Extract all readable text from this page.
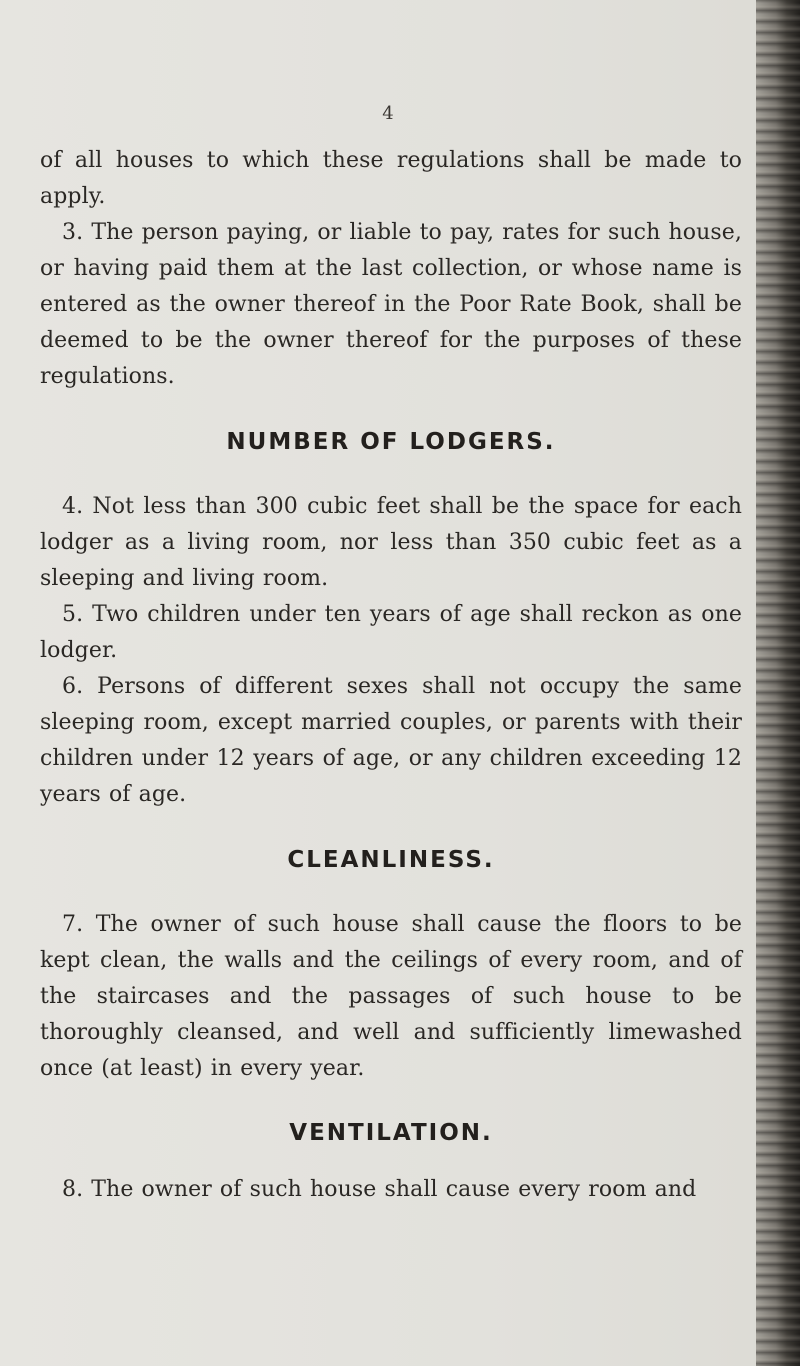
4

of all houses to which these regulations shall be made to apply.

3. The person paying, or liable to pay, rates for such house, or having paid them at the last collection, or whose name is entered as the owner thereof in the Poor Rate Book, shall be deemed to be the owner thereof for the purposes of these regulations.

NUMBER OF LODGERS.

4. Not less than 300 cubic feet shall be the space for each lodger as a living room, nor less than 350 cubic feet as a sleeping and living room.

5. Two children under ten years of age shall reckon as one lodger.

6. Persons of different sexes shall not occupy the same sleeping room, except married couples, or parents with their children under 12 years of age, or any children exceeding 12 years of age.

CLEANLINESS.

7. The owner of such house shall cause the floors to be kept clean, the walls and the ceilings of every room, and of the staircases and the passages of such house to be thoroughly cleansed, and well and sufficiently limewashed once (at least) in every year.

VENTILATION.

8. The owner of such house shall cause every room and
